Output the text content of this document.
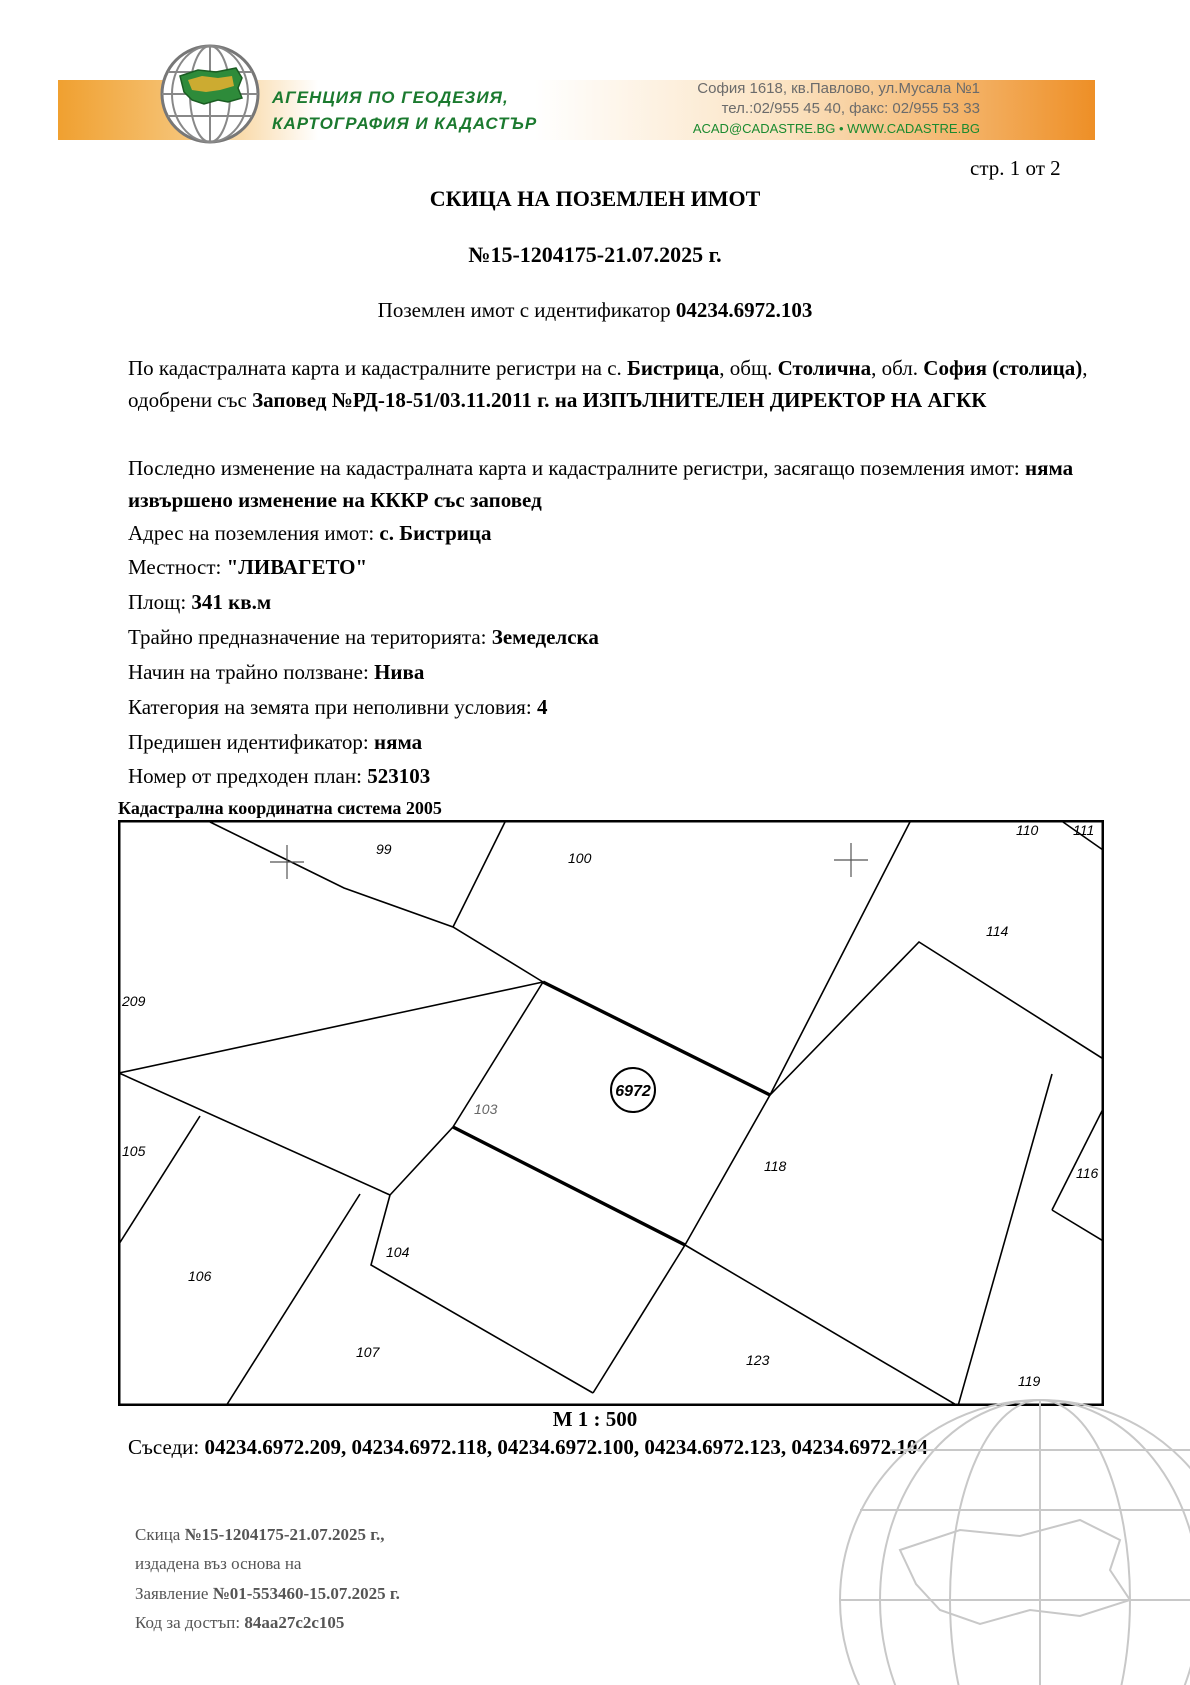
АГЕНЦИЯ ПО ГЕОДЕЗИЯ,
КАРТОГРАФИЯ И КАДАСТЪР
София 1618, кв.Павлово, ул.Мусала №1
тел.:02/955 45 40, факс: 02/955 53 33
ACAD@CADASTRE.BG • WWW.CADASTRE.BG
стр. 1 от 2
СКИЦА НА ПОЗЕМЛЕН ИМОТ
№15-1204175-21.07.2025 г.
Поземлен имот с идентификатор 04234.6972.103
По кадастралната карта и кадастралните регистри на с. Бистрица, общ. Столична, обл. София (столица), одобрени със Заповед №РД-18-51/03.11.2011 г. на ИЗПЪЛНИТЕЛЕН ДИРЕКТОР НА АГКК
Последно изменение на кадастралната карта и кадастралните регистри, засягащо поземления имот: няма извършено изменение на КККР със заповед
Адрес на поземления имот: с. Бистрица
Местност: "ЛИВАГЕТО"
Площ: 341 кв.м
Трайно предназначение на територията: Земеделска
Начин на трайно ползване: Нива
Категория на земята при неполивни условия: 4
Предишен идентификатор: няма
Номер от предходен план: 523103
Кадастрална координатна система 2005
6972
99
100
110 111
114
209
103
105
118	116
104
106
107	123
119
М 1 : 500
Съседи: 04234.6972.209, 04234.6972.118, 04234.6972.100, 04234.6972.123, 04234.6972.104
Скица №15-1204175-21.07.2025 г.,
издадена въз основа на
Заявление №01-553460-15.07.2025 г.
Код за достъп: 84aa27c2c105
